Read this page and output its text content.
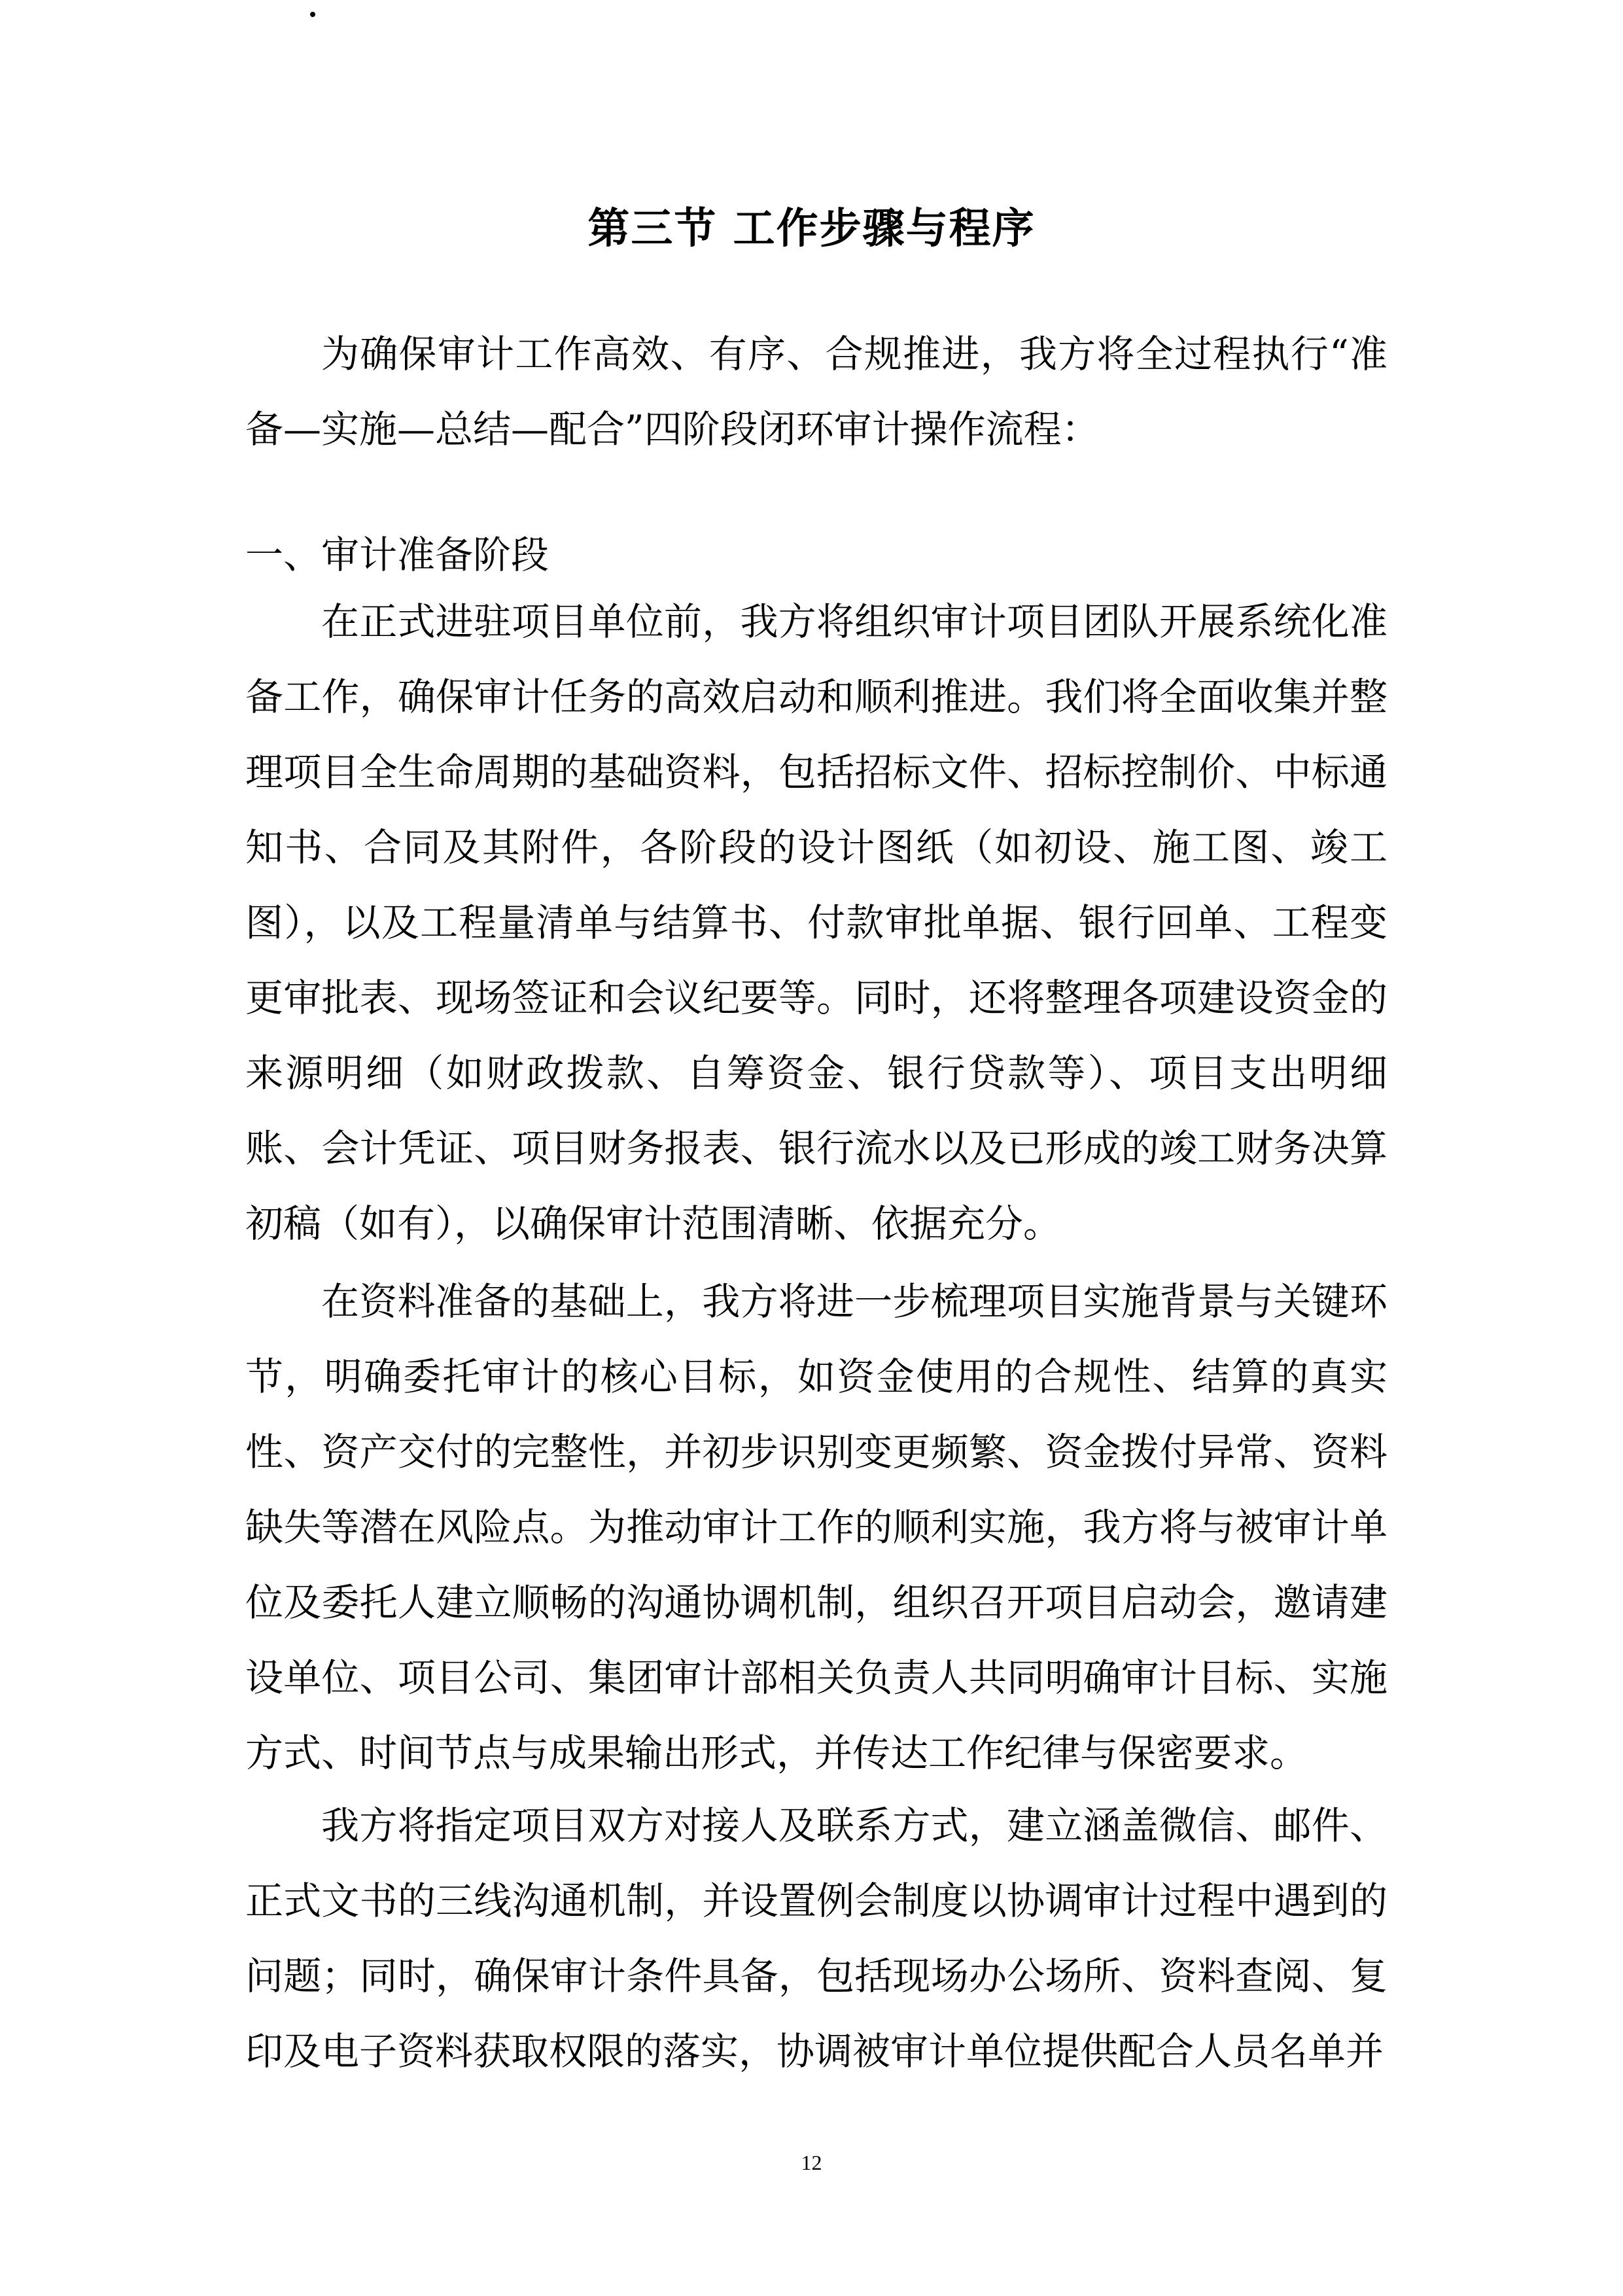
第三节 工作步骤与程序

为确保审计工作高效、有序、合规推进，我方将全过程执行“准备—实施—总结—配合”四阶段闭环审计操作流程：

一、审计准备阶段

在正式进驻项目单位前，我方将组织审计项目团队开展系统化准备工作，确保审计任务的高效启动和顺利推进。我们将全面收集并整理项目全生命周期的基础资料，包括招标文件、招标控制价、中标通知书、合同及其附件，各阶段的设计图纸（如初设、施工图、竣工图），以及工程量清单与结算书、付款审批单据、银行回单、工程变更审批表、现场签证和会议纪要等。同时，还将整理各项建设资金的来源明细（如财政拨款、自筹资金、银行贷款等）、项目支出明细账、会计凭证、项目财务报表、银行流水以及已形成的竣工财务决算初稿（如有），以确保审计范围清晰、依据充分。

在资料准备的基础上，我方将进一步梳理项目实施背景与关键环节，明确委托审计的核心目标，如资金使用的合规性、结算的真实性、资产交付的完整性，并初步识别变更频繁、资金拨付异常、资料缺失等潜在风险点。为推动审计工作的顺利实施，我方将与被审计单位及委托人建立顺畅的沟通协调机制，组织召开项目启动会，邀请建设单位、项目公司、集团审计部相关负责人共同明确审计目标、实施方式、时间节点与成果输出形式，并传达工作纪律与保密要求。

我方将指定项目双方对接人及联系方式，建立涵盖微信、邮件、正式文书的三线沟通机制，并设置例会制度以协调审计过程中遇到的问题；同时，确保审计条件具备，包括现场办公场所、资料查阅、复印及电子资料获取权限的落实，协调被审计单位提供配合人员名单并

12
